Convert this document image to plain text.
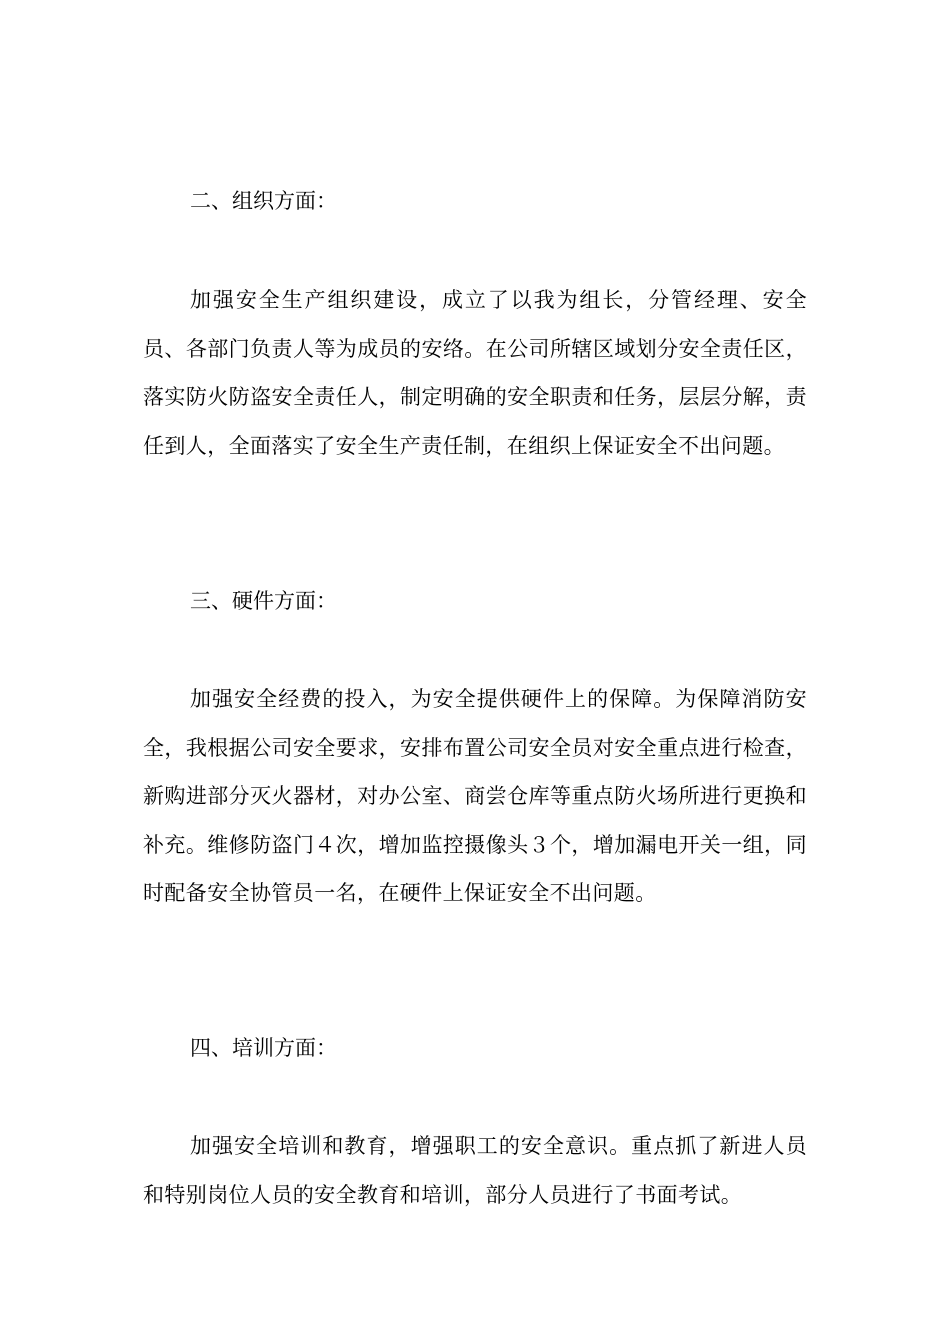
二、组织方面：
加强安全生产组织建设，成立了以我为组长，分管经理、安全员、各部门负责人等为成员的安络。在公司所辖区域划分安全责任区，落实防火防盗安全责任人，制定明确的安全职责和任务，层层分解，责任到人，全面落实了安全生产责任制，在组织上保证安全不出问题。
三、硬件方面：
加强安全经费的投入，为安全提供硬件上的保障。为保障消防安全，我根据公司安全要求，安排布置公司安全员对安全重点进行检查，新购进部分灭火器材，对办公室、商尝仓库等重点防火场所进行更换和补充。维修防盗门４次，增加监控摄像头３个，增加漏电开关一组，同时配备安全协管员一名，在硬件上保证安全不出问题。
四、培训方面：
加强安全培训和教育，增强职工的安全意识。重点抓了新进人员和特别岗位人员的安全教育和培训，部分人员进行了书面考试。
